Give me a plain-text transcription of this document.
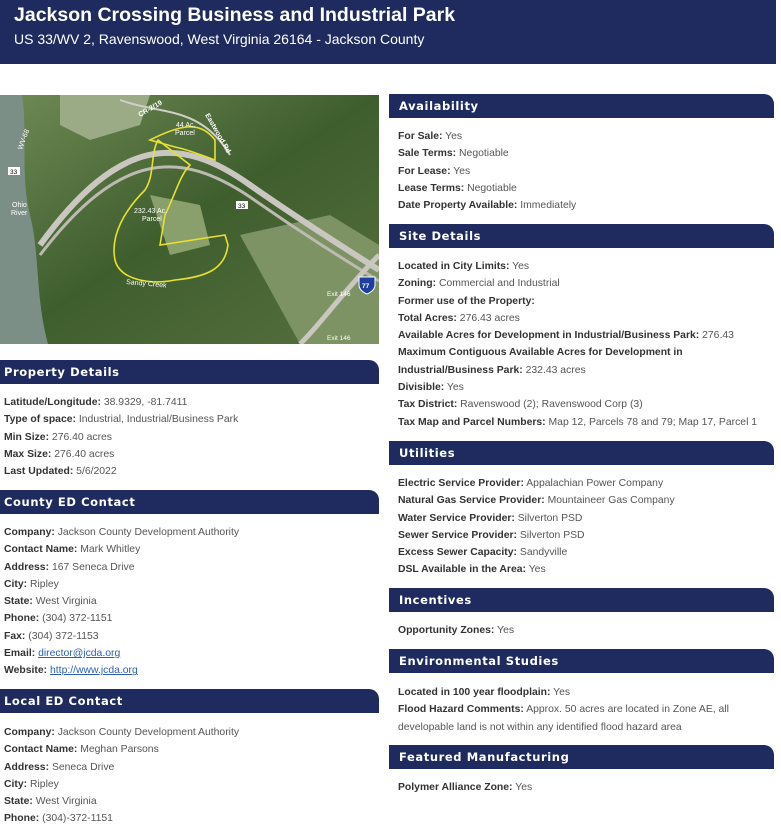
Jackson Crossing Business and Industrial Park
US 33/WV 2, Ravenswood, West Virginia 26164 - Jackson County
CR-2/19
Eastwood Rd
44 Ac.
Parcel
WV-68
33
33
Ohio
River	232.43 Ac.
Parcel
Sandy Creek	77
Exit 146
Exit 146
Property Details
Latitude/Longitude: 38.9329, -81.7411
Type of space: Industrial, Industrial/Business Park
Min Size: 276.40 acres
Max Size: 276.40 acres
Last Updated: 5/6/2022
County ED Contact
Company: Jackson County Development Authority
Contact Name: Mark Whitley
Address: 167 Seneca Drive
City: Ripley
State: West Virginia
Phone: (304) 372-1151
Fax: (304) 372-1153
Email: director@jcda.org
Website: http://www.jcda.org
Local ED Contact
Company: Jackson County Development Authority
Contact Name: Meghan Parsons
Address: Seneca Drive
City: Ripley
State: West Virginia
Phone: (304)-372-1151
Availability
For Sale: Yes
Sale Terms: Negotiable
For Lease: Yes
Lease Terms: Negotiable
Date Property Available: Immediately
Site Details
Located in City Limits: Yes
Zoning: Commercial and Industrial
Former use of the Property:
Total Acres: 276.43 acres
Available Acres for Development in Industrial/Business Park: 276.43
Maximum Contiguous Available Acres for Development in Industrial/Business Park: 232.43 acres
Divisible: Yes
Tax District: Ravenswood (2); Ravenswood Corp (3)
Tax Map and Parcel Numbers: Map 12, Parcels 78 and 79; Map 17, Parcel 1
Utilities
Electric Service Provider: Appalachian Power Company
Natural Gas Service Provider: Mountaineer Gas Company
Water Service Provider: Silverton PSD
Sewer Service Provider: Silverton PSD
Excess Sewer Capacity: Sandyville
DSL Available in the Area: Yes
Incentives
Opportunity Zones: Yes
Environmental Studies
Located in 100 year floodplain: Yes
Flood Hazard Comments: Approx. 50 acres are located in Zone AE, all developable land is not within any identified flood hazard area
Featured Manufacturing
Polymer Alliance Zone: Yes
